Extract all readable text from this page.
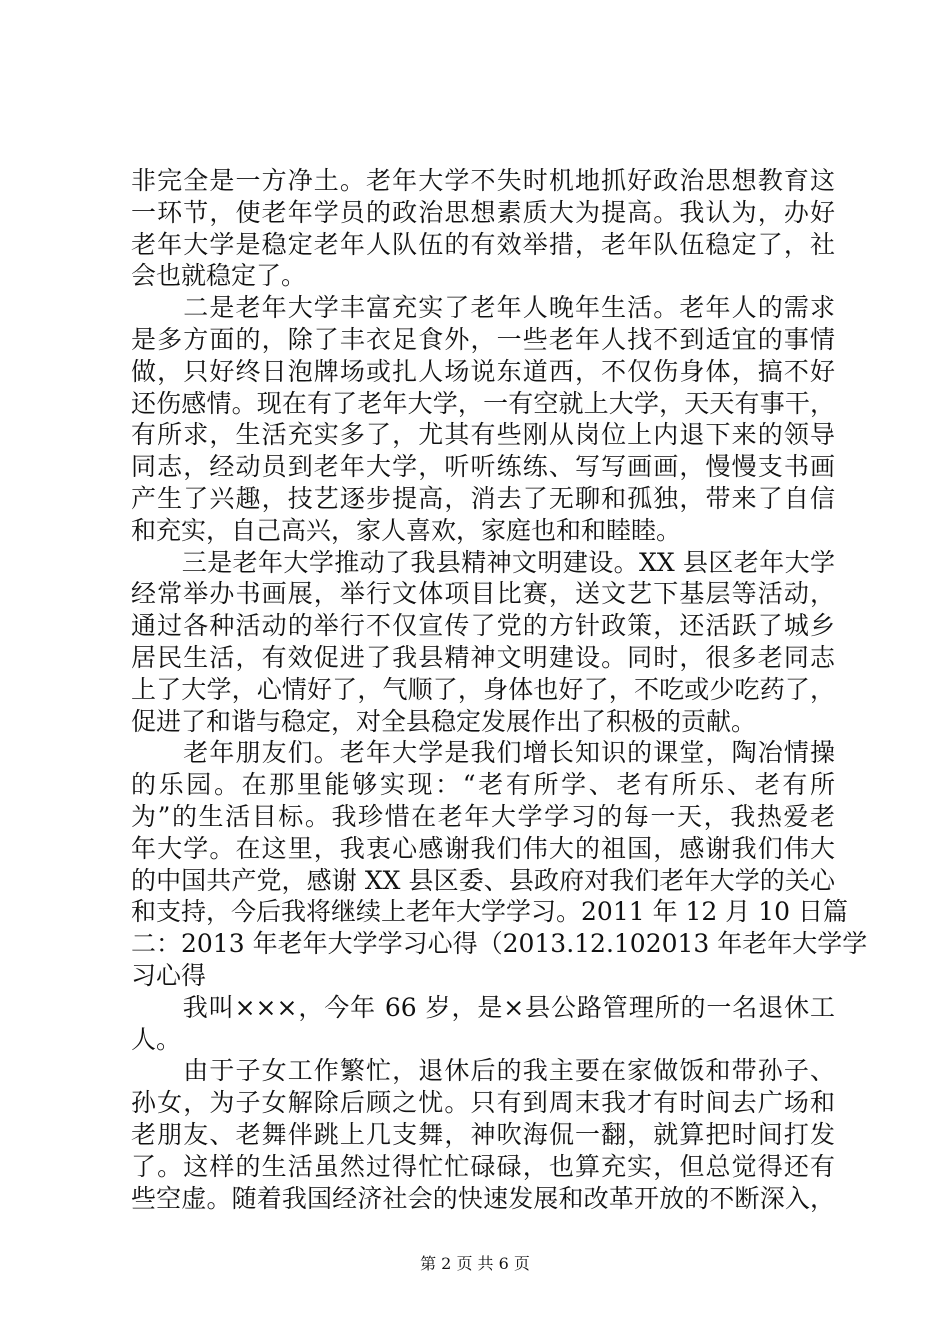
非完全是一方净土。老年大学不失时机地抓好政治思想教育这
一环节，使老年学员的政治思想素质大为提高。我认为，办好
老年大学是稳定老年人队伍的有效举措，老年队伍稳定了，社
会也就稳定了。
　　二是老年大学丰富充实了老年人晚年生活。老年人的需求
是多方面的，除了丰衣足食外，一些老年人找不到适宜的事情
做，只好终日泡牌场或扎人场说东道西，不仅伤身体，搞不好
还伤感情。现在有了老年大学，一有空就上大学，天天有事干，
有所求，生活充实多了，尤其有些刚从岗位上内退下来的领导
同志，经动员到老年大学，听听练练、写写画画，慢慢支书画
产生了兴趣，技艺逐步提高，消去了无聊和孤独，带来了自信
和充实，自己高兴，家人喜欢，家庭也和和睦睦。
　　三是老年大学推动了我县精神文明建设。XX 县区老年大学
经常举办书画展，举行文体项目比赛，送文艺下基层等活动，
通过各种活动的举行不仅宣传了党的方针政策，还活跃了城乡
居民生活，有效促进了我县精神文明建设。同时，很多老同志
上了大学，心情好了，气顺了，身体也好了，不吃或少吃药了，
促进了和谐与稳定，对全县稳定发展作出了积极的贡献。
　　老年朋友们。老年大学是我们增长知识的课堂，陶冶情操
的乐园。在那里能够实现：“老有所学、老有所乐、老有所
为”的生活目标。我珍惜在老年大学学习的每一天，我热爱老
年大学。在这里，我衷心感谢我们伟大的祖国，感谢我们伟大
的中国共产党，感谢 XX 县区委、县政府对我们老年大学的关心
和支持，今后我将继续上老年大学学习。2011 年 12 月 10 日篇
二：2013 年老年大学学习心得（2013.12.102013 年老年大学学
习心得
　　我叫×××，今年 66 岁，是×县公路管理所的一名退休工
人。
　　由于子女工作繁忙，退休后的我主要在家做饭和带孙子、
孙女，为子女解除后顾之忧。只有到周末我才有时间去广场和
老朋友、老舞伴跳上几支舞，神吹海侃一翻，就算把时间打发
了。这样的生活虽然过得忙忙碌碌，也算充实，但总觉得还有
些空虚。随着我国经济社会的快速发展和改革开放的不断深入，
第 2 页 共 6 页
